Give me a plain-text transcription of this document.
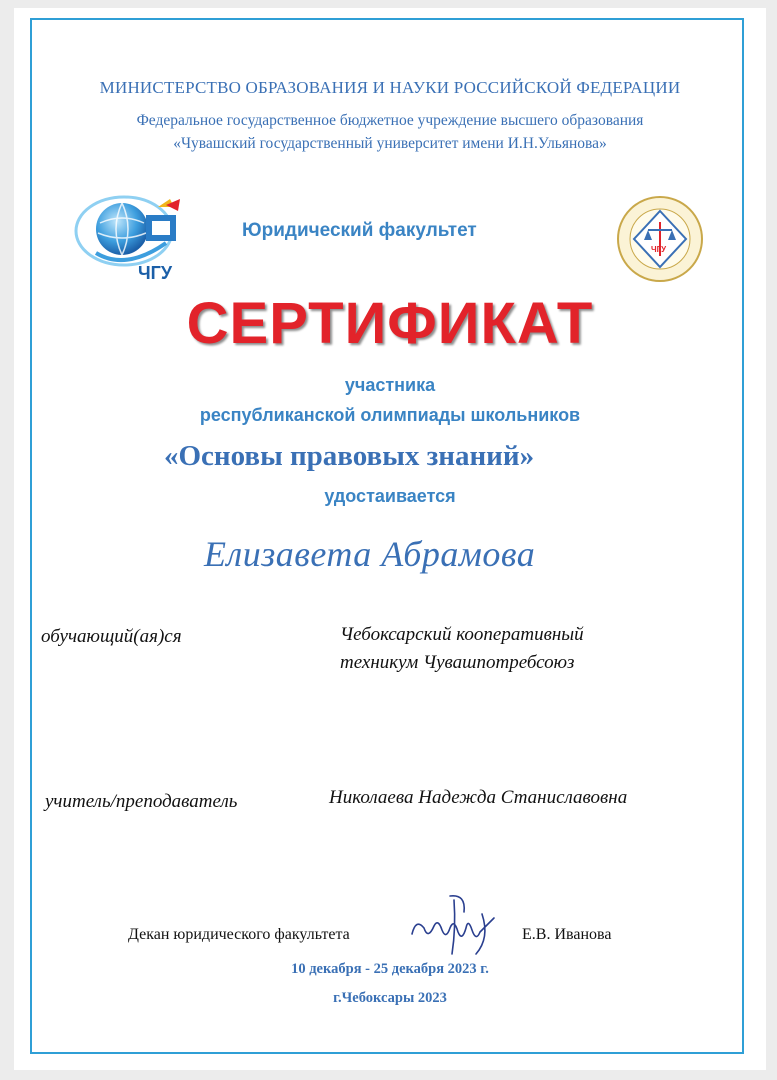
МИНИСТЕРСТВО ОБРАЗОВАНИЯ И НАУКИ РОССИЙСКОЙ ФЕДЕРАЦИИ
Федеральное государственное бюджетное учреждение высшего образования
«Чувашский государственный университет имени И.Н.Ульянова»
ЧГУ
Юридический факультет
ЧГУ
СЕРТИФИКАТ
участника
республиканской олимпиады школьников
«Основы правовых знаний»
удостаивается
Елизавета Абрамова
обучающий(ая)ся	Чебоксарский кооперативный
техникум Чувашпотребсоюз
учитель/преподаватель	Николаева Надежда Станиславовна
Декан юридического факультета	Е.В. Иванова
10 декабря - 25 декабря 2023 г.
г.Чебоксары 2023
